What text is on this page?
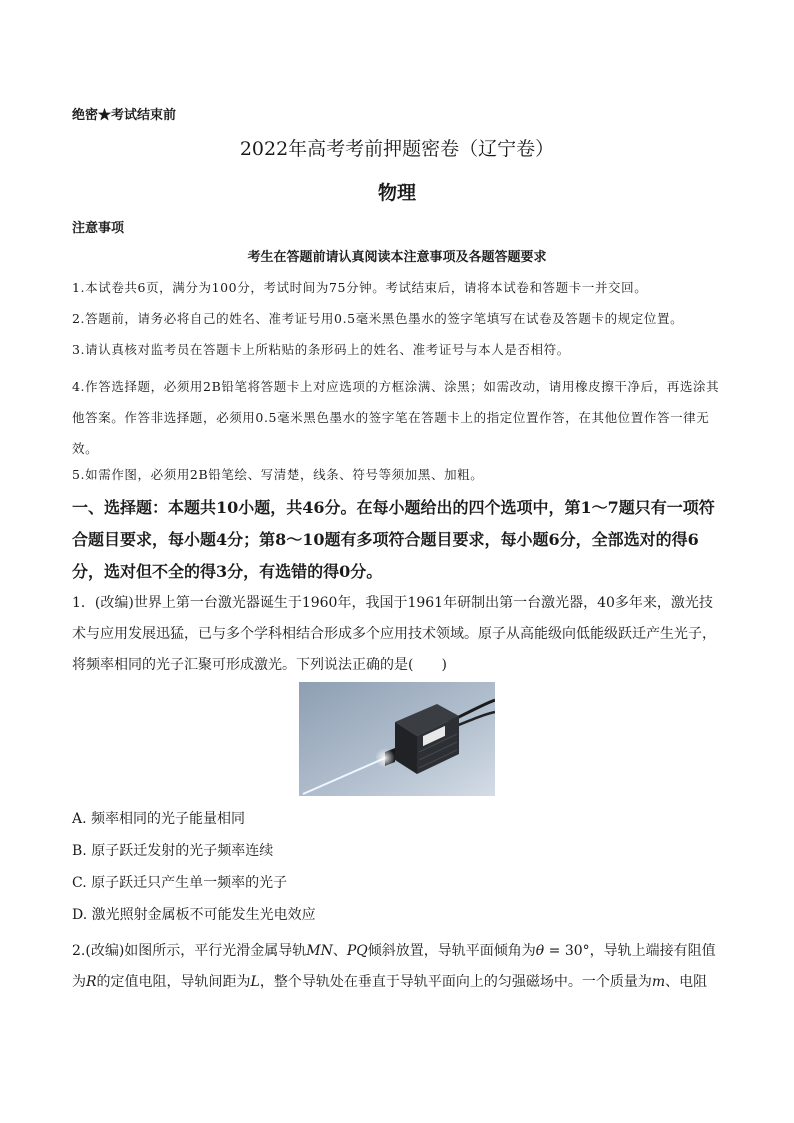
绝密★考试结束前
2022年高考考前押题密卷（辽宁卷）
物理
注意事项
考生在答题前请认真阅读本注意事项及各题答题要求
1.本试卷共6页，满分为100分，考试时间为75分钟。考试结束后，请将本试卷和答题卡一并交回。
2.答题前，请务必将自己的姓名、准考证号用0.5毫米黑色墨水的签字笔填写在试卷及答题卡的规定位置。
3.请认真核对监考员在答题卡上所粘贴的条形码上的姓名、准考证号与本人是否相符。
4.作答选择题，必须用2B铅笔将答题卡上对应选项的方框涂满、涂黑；如需改动，请用橡皮擦干净后，再选涂其他答案。作答非选择题，必须用0.5毫米黑色墨水的签字笔在答题卡上的指定位置作答，在其他位置作答一律无效。
5.如需作图，必须用2B铅笔绘、写清楚，线条、符号等须加黑、加粗。
一、选择题：本题共10小题，共46分。在每小题给出的四个选项中，第1～7题只有一项符合题目要求，每小题4分；第8～10题有多项符合题目要求，每小题6分，全部选对的得6分，选对但不全的得3分，有选错的得0分。
1．(改编)世界上第一台激光器诞生于1960年，我国于1961年研制出第一台激光器，40多年来，激光技术与应用发展迅猛，已与多个学科相结合形成多个应用技术领域。原子从高能级向低能级跃迁产生光子，将频率相同的光子汇聚可形成激光。下列说法正确的是(　　)
A. 频率相同的光子能量相同
B. 原子跃迁发射的光子频率连续
C. 原子跃迁只产生单一频率的光子
D. 激光照射金属板不可能发生光电效应
2.(改编)如图所示，平行光滑金属导轨MN、PQ倾斜放置，导轨平面倾角为θ = 30°，导轨上端接有阻值为R的定值电阻，导轨间距为L，整个导轨处在垂直于导轨平面向上的匀强磁场中。一个质量为m、电阻
